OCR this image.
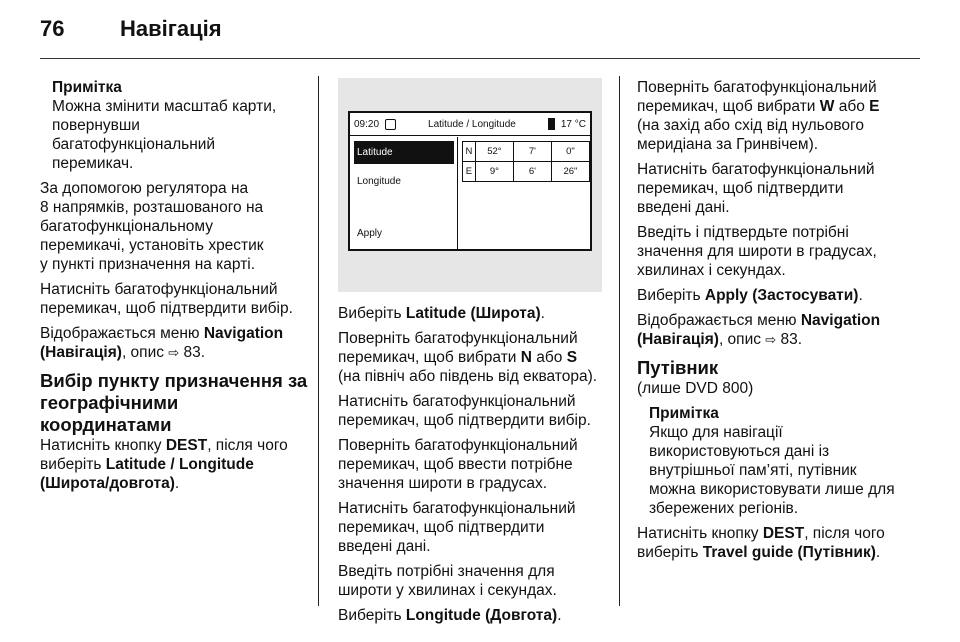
76	Навігація
Примітка
Можна змінити масштаб карти,
повернувши
багатофункціональний
перемикач.

За допомогою регулятора на
8 напрямків, розташованого на
багатофункціональному
перемикачі, установіть хрестик
у пункті призначення на карті.

Натисніть багатофункціональний
перемикач, щоб підтвердити вибір.

Відображається меню Navigation
(Навігація), опис ⇨ 83.

Вибір пункту призначення за
географічними координатами

Натисніть кнопку DEST, після чого
виберіть Latitude / Longitude
(Широта/довгота).

09:20	Latitude / Longitude	17 °C
Latitude
Longitude
Apply
N	52°	7'	0"
E	9°	6'	26"

Виберіть Latitude (Широта).

Поверніть багатофункціональний
перемикач, щоб вибрати N або S
(на північ або південь від екватора).

Натисніть багатофункціональний
перемикач, щоб підтвердити вибір.

Поверніть багатофункціональний
перемикач, щоб ввести потрібне
значення широти в градусах.

Натисніть багатофункціональний
перемикач, щоб підтвердити
введені дані.

Введіть потрібні значення для
широти у хвилинах і секундах.

Виберіть Longitude (Довгота).

Поверніть багатофункціональний
перемикач, щоб вибрати W або E
(на захід або схід від нульового
меридіана за Гринвічем).

Натисніть багатофункціональний
перемикач, щоб підтвердити
введені дані.

Введіть і підтвердьте потрібні
значення для широти в градусах,
хвилинах і секундах.

Виберіть Apply (Застосувати).

Відображається меню Navigation
(Навігація), опис ⇨ 83.

Путівник
(лише DVD 800)
Примітка
Якщо для навігації
використовуються дані із
внутрішньої пам’яті, путівник
можна використовувати лише для
збережених регіонів.

Натисніть кнопку DEST, після чого
виберіть Travel guide (Путівник).
